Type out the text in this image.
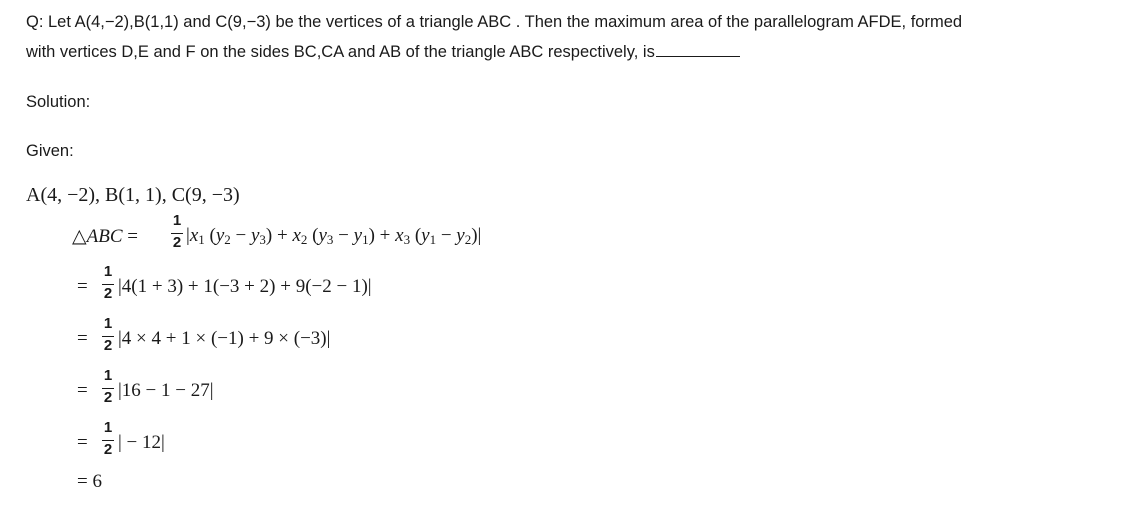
Q: Let A(4,−2),B(1,1) and C(9,−3) be the vertices of a triangle ABC . Then the maximum area of the parallelogram AFDE, formed
with vertices D,E and F on the sides BC,CA and AB of the triangle ABC respectively, is
Solution:
Given:
A(4, −2), B(1, 1), C(9, −3)
△ABC =
1
2 $|x_1$ $(y_2 - y_3) + x_2$ $(y_3 - y_1) + x_3$ $(y_1 - y_2)|$
=
1
2 |4(1 + 3) + 1(−3 + 2) + 9(−2 − 1)|
=
1
2 |4 × 4 + 1 × (−1) + 9 × (−3)|
=
1
2 |16 − 1 − 27|
=
1
2 | − 12|
= 6
